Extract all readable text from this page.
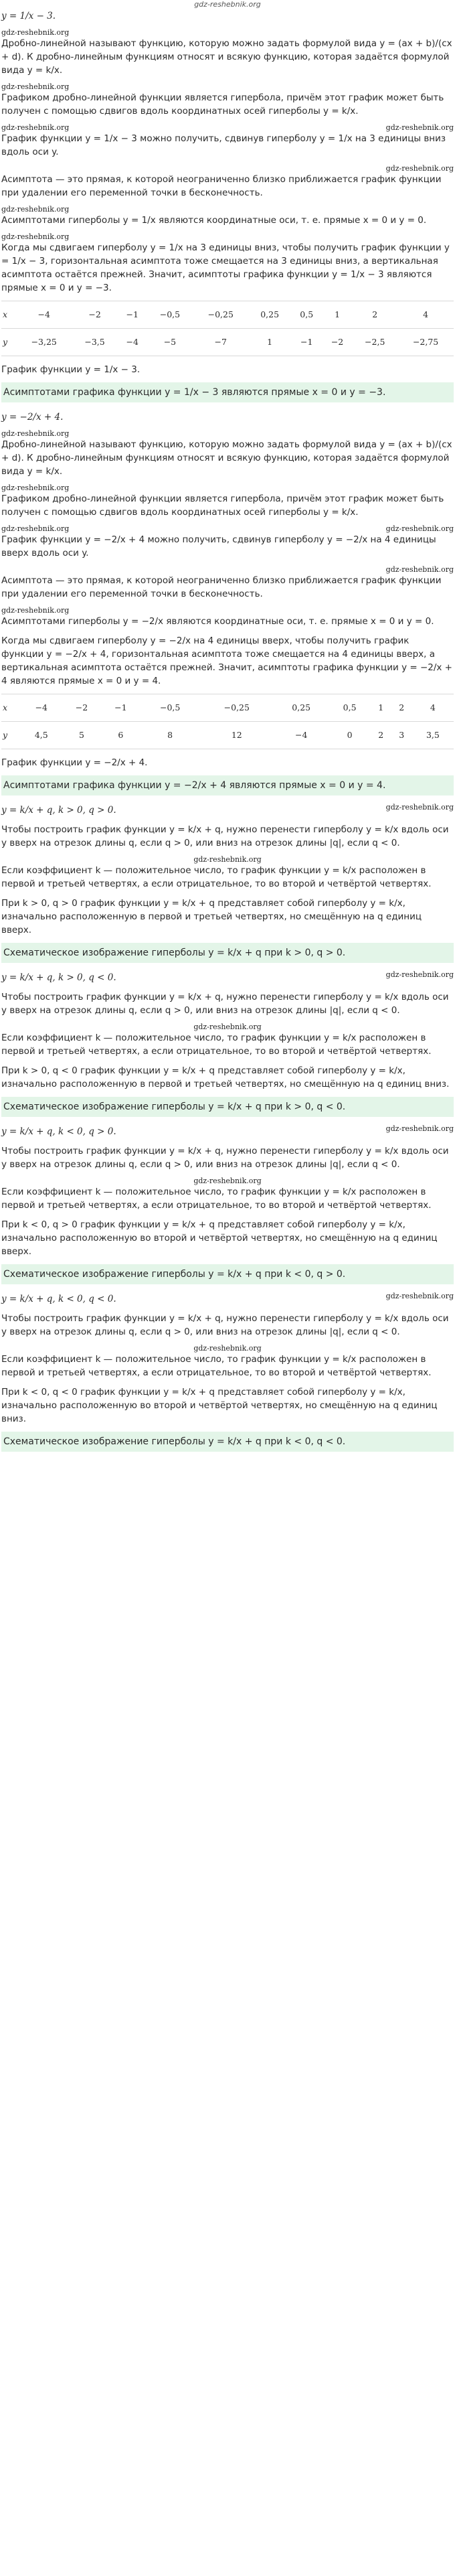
gdz-reshebnik.org

y = 1/x − 3.

gdz-reshebnik.org

Дробно-линейной называют функцию, которую можно задать формулой вида y = (ax + b)/(cx + d). К дробно-линейным функциям относят и всякую функцию, которая задаётся формулой вида y = k/x.

gdz-reshebnik.org

Графиком дробно-линейной функции является гипербола, причём этот график может быть получен с помощью сдвигов вдоль координатных осей гиперболы y = k/x.

gdz-reshebnik.org	gdz-reshebnik.org

График функции y = 1/x − 3 можно получить, сдвинув гиперболу y = 1/x на 3 единицы вниз вдоль оси y.

gdz-reshebnik.org

Асимптота — это прямая, к которой неограниченно близко приближается график функции при удалении его переменной точки в бесконечность.

gdz-reshebnik.org

Асимптотами гиперболы y = 1/x являются координатные оси, т. е. прямые x = 0 и y = 0.

gdz-reshebnik.org

Когда мы сдвигаем гиперболу y = 1/x на 3 единицы вниз, чтобы получить график функции y = 1/x − 3, горизонтальная асимптота тоже смещается на 3 единицы вниз, а вертикальная асимптота остаётся прежней. Значит, асимптоты графика функции y = 1/x − 3 являются прямые x = 0 и y = −3.

x	−4	−2	−1	−0,5	−0,25	0,25	0,5	1	2	4
y	−3,25	−3,5	−4	−5	−7	1	−1	−2	−2,5	−2,75

График функции y = 1/x − 3.

Асимптотами графика функции y = 1/x − 3 являются прямые x = 0 и y = −3.

y = −2/x + 4.

gdz-reshebnik.org

Дробно-линейной называют функцию, которую можно задать формулой вида y = (ax + b)/(cx + d). К дробно-линейным функциям относят и всякую функцию, которая задаётся формулой вида y = k/x.

gdz-reshebnik.org

Графиком дробно-линейной функции является гипербола, причём этот график может быть получен с помощью сдвигов вдоль координатных осей гиперболы y = k/x.

gdz-reshebnik.org	gdz-reshebnik.org

График функции y = −2/x + 4 можно получить, сдвинув гиперболу y = −2/x на 4 единицы вверх вдоль оси y.

gdz-reshebnik.org

Асимптота — это прямая, к которой неограниченно близко приближается график функции при удалении его переменной точки в бесконечность.

gdz-reshebnik.org

Асимптотами гиперболы y = −2/x являются координатные оси, т. е. прямые x = 0 и y = 0.

Когда мы сдвигаем гиперболу y = −2/x на 4 единицы вверх, чтобы получить график функции y = −2/x + 4, горизонтальная асимптота тоже смещается на 4 единицы вверх, а вертикальная асимптота остаётся прежней. Значит, асимптоты графика функции y = −2/x + 4 являются прямые x = 0 и y = 4.

x	−4	−2	−1	−0,5	−0,25	0,25	0,5	1	2	4
y	4,5	5	6	8	12	−4	0	2	3	3,5

График функции y = −2/x + 4.

Асимптотами графика функции y = −2/x + 4 являются прямые x = 0 и y = 4.

y = k/x + q, k > 0, q > 0.	gdz-reshebnik.org

Чтобы построить график функции y = k/x + q, нужно перенести гиперболу y = k/x вдоль оси y вверх на отрезок длины q, если q > 0, или вниз на отрезок длины |q|, если q < 0.

gdz-reshebnik.org

Если коэффициент k — положительное число, то график функции y = k/x расположен в первой и третьей четвертях, а если отрицательное, то во второй и четвёртой четвертях.

При k > 0, q > 0 график функции y = k/x + q представляет собой гиперболу y = k/x, изначально расположенную в первой и третьей четвертях, но смещённую на q единиц вверх.

Схематическое изображение гиперболы y = k/x + q при k > 0, q > 0.

y = k/x + q, k > 0, q < 0.	gdz-reshebnik.org

Чтобы построить график функции y = k/x + q, нужно перенести гиперболу y = k/x вдоль оси y вверх на отрезок длины q, если q > 0, или вниз на отрезок длины |q|, если q < 0.

gdz-reshebnik.org

Если коэффициент k — положительное число, то график функции y = k/x расположен в первой и третьей четвертях, а если отрицательное, то во второй и четвёртой четвертях.

При k > 0, q < 0 график функции y = k/x + q представляет собой гиперболу y = k/x, изначально расположенную в первой и третьей четвертях, но смещённую на q единиц вниз.

Схематическое изображение гиперболы y = k/x + q при k > 0, q < 0.

y = k/x + q, k < 0, q > 0.	gdz-reshebnik.org

Чтобы построить график функции y = k/x + q, нужно перенести гиперболу y = k/x вдоль оси y вверх на отрезок длины q, если q > 0, или вниз на отрезок длины |q|, если q < 0.

gdz-reshebnik.org

Если коэффициент k — положительное число, то график функции y = k/x расположен в первой и третьей четвертях, а если отрицательное, то во второй и четвёртой четвертях.

При k < 0, q > 0 график функции y = k/x + q представляет собой гиперболу y = k/x, изначально расположенную во второй и четвёртой четвертях, но смещённую на q единиц вверх.

Схематическое изображение гиперболы y = k/x + q при k < 0, q > 0.

y = k/x + q, k < 0, q < 0.	gdz-reshebnik.org

Чтобы построить график функции y = k/x + q, нужно перенести гиперболу y = k/x вдоль оси y вверх на отрезок длины q, если q > 0, или вниз на отрезок длины |q|, если q < 0.

gdz-reshebnik.org

Если коэффициент k — положительное число, то график функции y = k/x расположен в первой и третьей четвертях, а если отрицательное, то во второй и четвёртой четвертях.

При k < 0, q < 0 график функции y = k/x + q представляет собой гиперболу y = k/x, изначально расположенную во второй и четвёртой четвертях, но смещённую на q единиц вниз.

Схематическое изображение гиперболы y = k/x + q при k < 0, q < 0.
